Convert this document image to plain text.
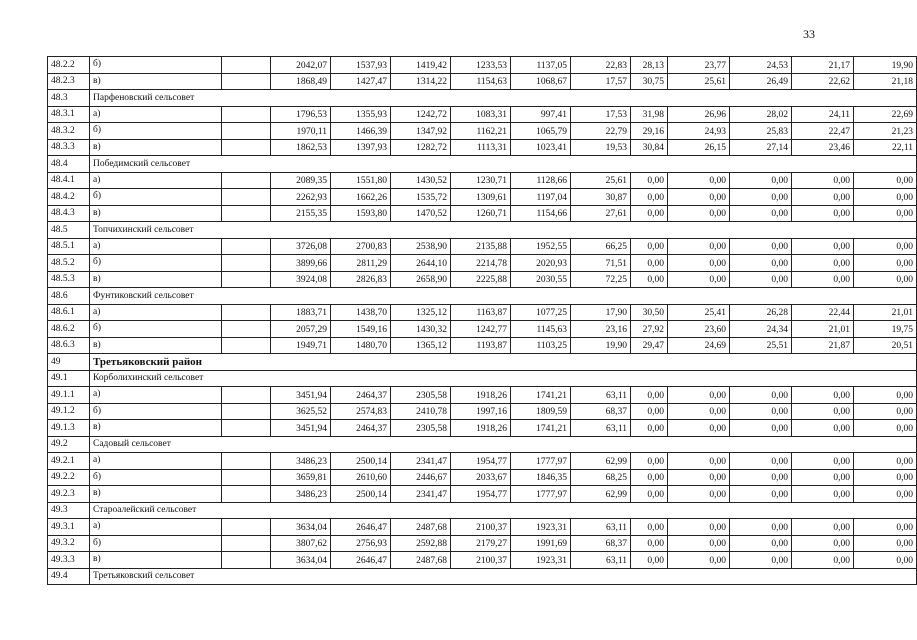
33
48.2.2	б)		2042,07	1537,93	1419,42	1233,53	1137,05	22,83	28,13	23,77	24,53	21,17	19,90
48.2.3	в)		1868,49	1427,47	1314,22	1154,63	1068,67	17,57	30,75	25,61	26,49	22,62	21,18
48.3	Парфеновский сельсовет												
48.3.1	а)		1796,53	1355,93	1242,72	1083,31	997,41	17,53	31,98	26,96	28,02	24,11	22,69
48.3.2	б)		1970,11	1466,39	1347,92	1162,21	1065,79	22,79	29,16	24,93	25,83	22,47	21,23
48.3.3	в)		1862,53	1397,93	1282,72	1113,31	1023,41	19,53	30,84	26,15	27,14	23,46	22,11
48.4	Победимский сельсовет												
48.4.1	а)		2089,35	1551,80	1430,52	1230,71	1128,66	25,61	0,00	0,00	0,00	0,00	0,00
48.4.2	б)		2262,93	1662,26	1535,72	1309,61	1197,04	30,87	0,00	0,00	0,00	0,00	0,00
48.4.3	в)		2155,35	1593,80	1470,52	1260,71	1154,66	27,61	0,00	0,00	0,00	0,00	0,00
48.5	Топчихинский сельсовет												
48.5.1	а)		3726,08	2700,83	2538,90	2135,88	1952,55	66,25	0,00	0,00	0,00	0,00	0,00
48.5.2	б)		3899,66	2811,29	2644,10	2214,78	2020,93	71,51	0,00	0,00	0,00	0,00	0,00
48.5.3	в)		3924,08	2826,83	2658,90	2225,88	2030,55	72,25	0,00	0,00	0,00	0,00	0,00
48.6	Фунтиковский сельсовет												
48.6.1	а)		1883,71	1438,70	1325,12	1163,87	1077,25	17,90	30,50	25,41	26,28	22,44	21,01
48.6.2	б)		2057,29	1549,16	1430,32	1242,77	1145,63	23,16	27,92	23,60	24,34	21,01	19,75
48.6.3	в)		1949,71	1480,70	1365,12	1193,87	1103,25	19,90	29,47	24,69	25,51	21,87	20,51
49	Третьяковский район												
49.1	Корболихинский сельсовет												
49.1.1	а)		3451,94	2464,37	2305,58	1918,26	1741,21	63,11	0,00	0,00	0,00	0,00	0,00
49.1.2	б)		3625,52	2574,83	2410,78	1997,16	1809,59	68,37	0,00	0,00	0,00	0,00	0,00
49.1.3	в)		3451,94	2464,37	2305,58	1918,26	1741,21	63,11	0,00	0,00	0,00	0,00	0,00
49.2	Садовый сельсовет												
49.2.1	а)		3486,23	2500,14	2341,47	1954,77	1777,97	62,99	0,00	0,00	0,00	0,00	0,00
49.2.2	б)		3659,81	2610,60	2446,67	2033,67	1846,35	68,25	0,00	0,00	0,00	0,00	0,00
49.2.3	в)		3486,23	2500,14	2341,47	1954,77	1777,97	62,99	0,00	0,00	0,00	0,00	0,00
49.3	Староалейский сельсовет												
49.3.1	а)		3634,04	2646,47	2487,68	2100,37	1923,31	63,11	0,00	0,00	0,00	0,00	0,00
49.3.2	б)		3807,62	2756,93	2592,88	2179,27	1991,69	68,37	0,00	0,00	0,00	0,00	0,00
49.3.3	в)		3634,04	2646,47	2487,68	2100,37	1923,31	63,11	0,00	0,00	0,00	0,00	0,00
49.4	Третьяковский сельсовет												
